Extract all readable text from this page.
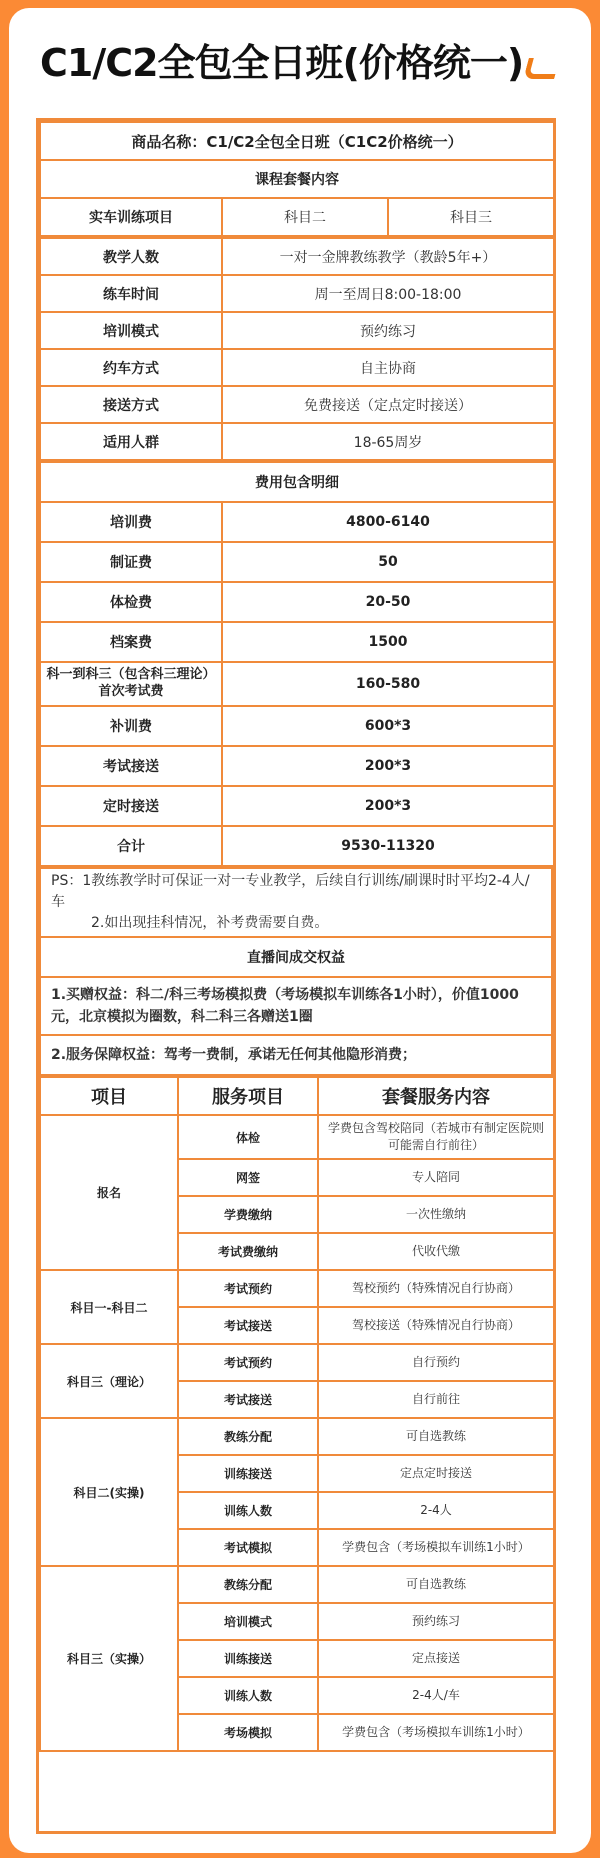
C1/C2全包全日班(价格统一)
商品名称：C1/C2全包全日班（C1C2价格统一）
课程套餐内容
实车训练项目	科目二	科目三
教学人数	一对一金牌教练教学（教龄5年+）
练车时间	周一至周日8:00-18:00
培训模式	预约练习
约车方式	自主协商
接送方式	免费接送（定点定时接送）
适用人群	18-65周岁
费用包含明细	
培训费	4800-6140
制证费	50
体检费	20-50
档案费	1500
科一到科三（包含科三理论）首次考试费	160-580
补训费	600*3
考试接送	200*3
定时接送	200*3
合计	9530-11320
PS：1教练教学时可保证一对一专业教学，后续自行训练/刷课时时平均2-4人/车
2.如出现挂科情况，补考费需要自费。

直播间成交权益
1.买赠权益：科二/科三考场模拟费（考场模拟车训练各1小时），价值1000元，北京模拟为圈数，科二科三各赠送1圈
2.服务保障权益：驾考一费制，承诺无任何其他隐形消费；
项目	服务项目	套餐服务内容
报名	体检	学费包含驾校陪同（若城市有制定医院则可能需自行前往）
	网签	专人陪同
	学费缴纳	一次性缴纳
	考试费缴纳	代收代缴
科目一-科目二	考试预约	驾校预约（特殊情况自行协商）
	考试接送	驾校接送（特殊情况自行协商）
科目三（理论）	考试预约	自行预约
	考试接送	自行前往
科目二(实操)	教练分配	可自选教练
	训练接送	定点定时接送
	训练人数	2-4人
	考试模拟	学费包含（考场模拟车训练1小时）
科目三（实操）	教练分配	可自选教练
	培训模式	预约练习
	训练接送	定点接送
	训练人数	2-4人/车
	考场模拟	学费包含（考场模拟车训练1小时）
